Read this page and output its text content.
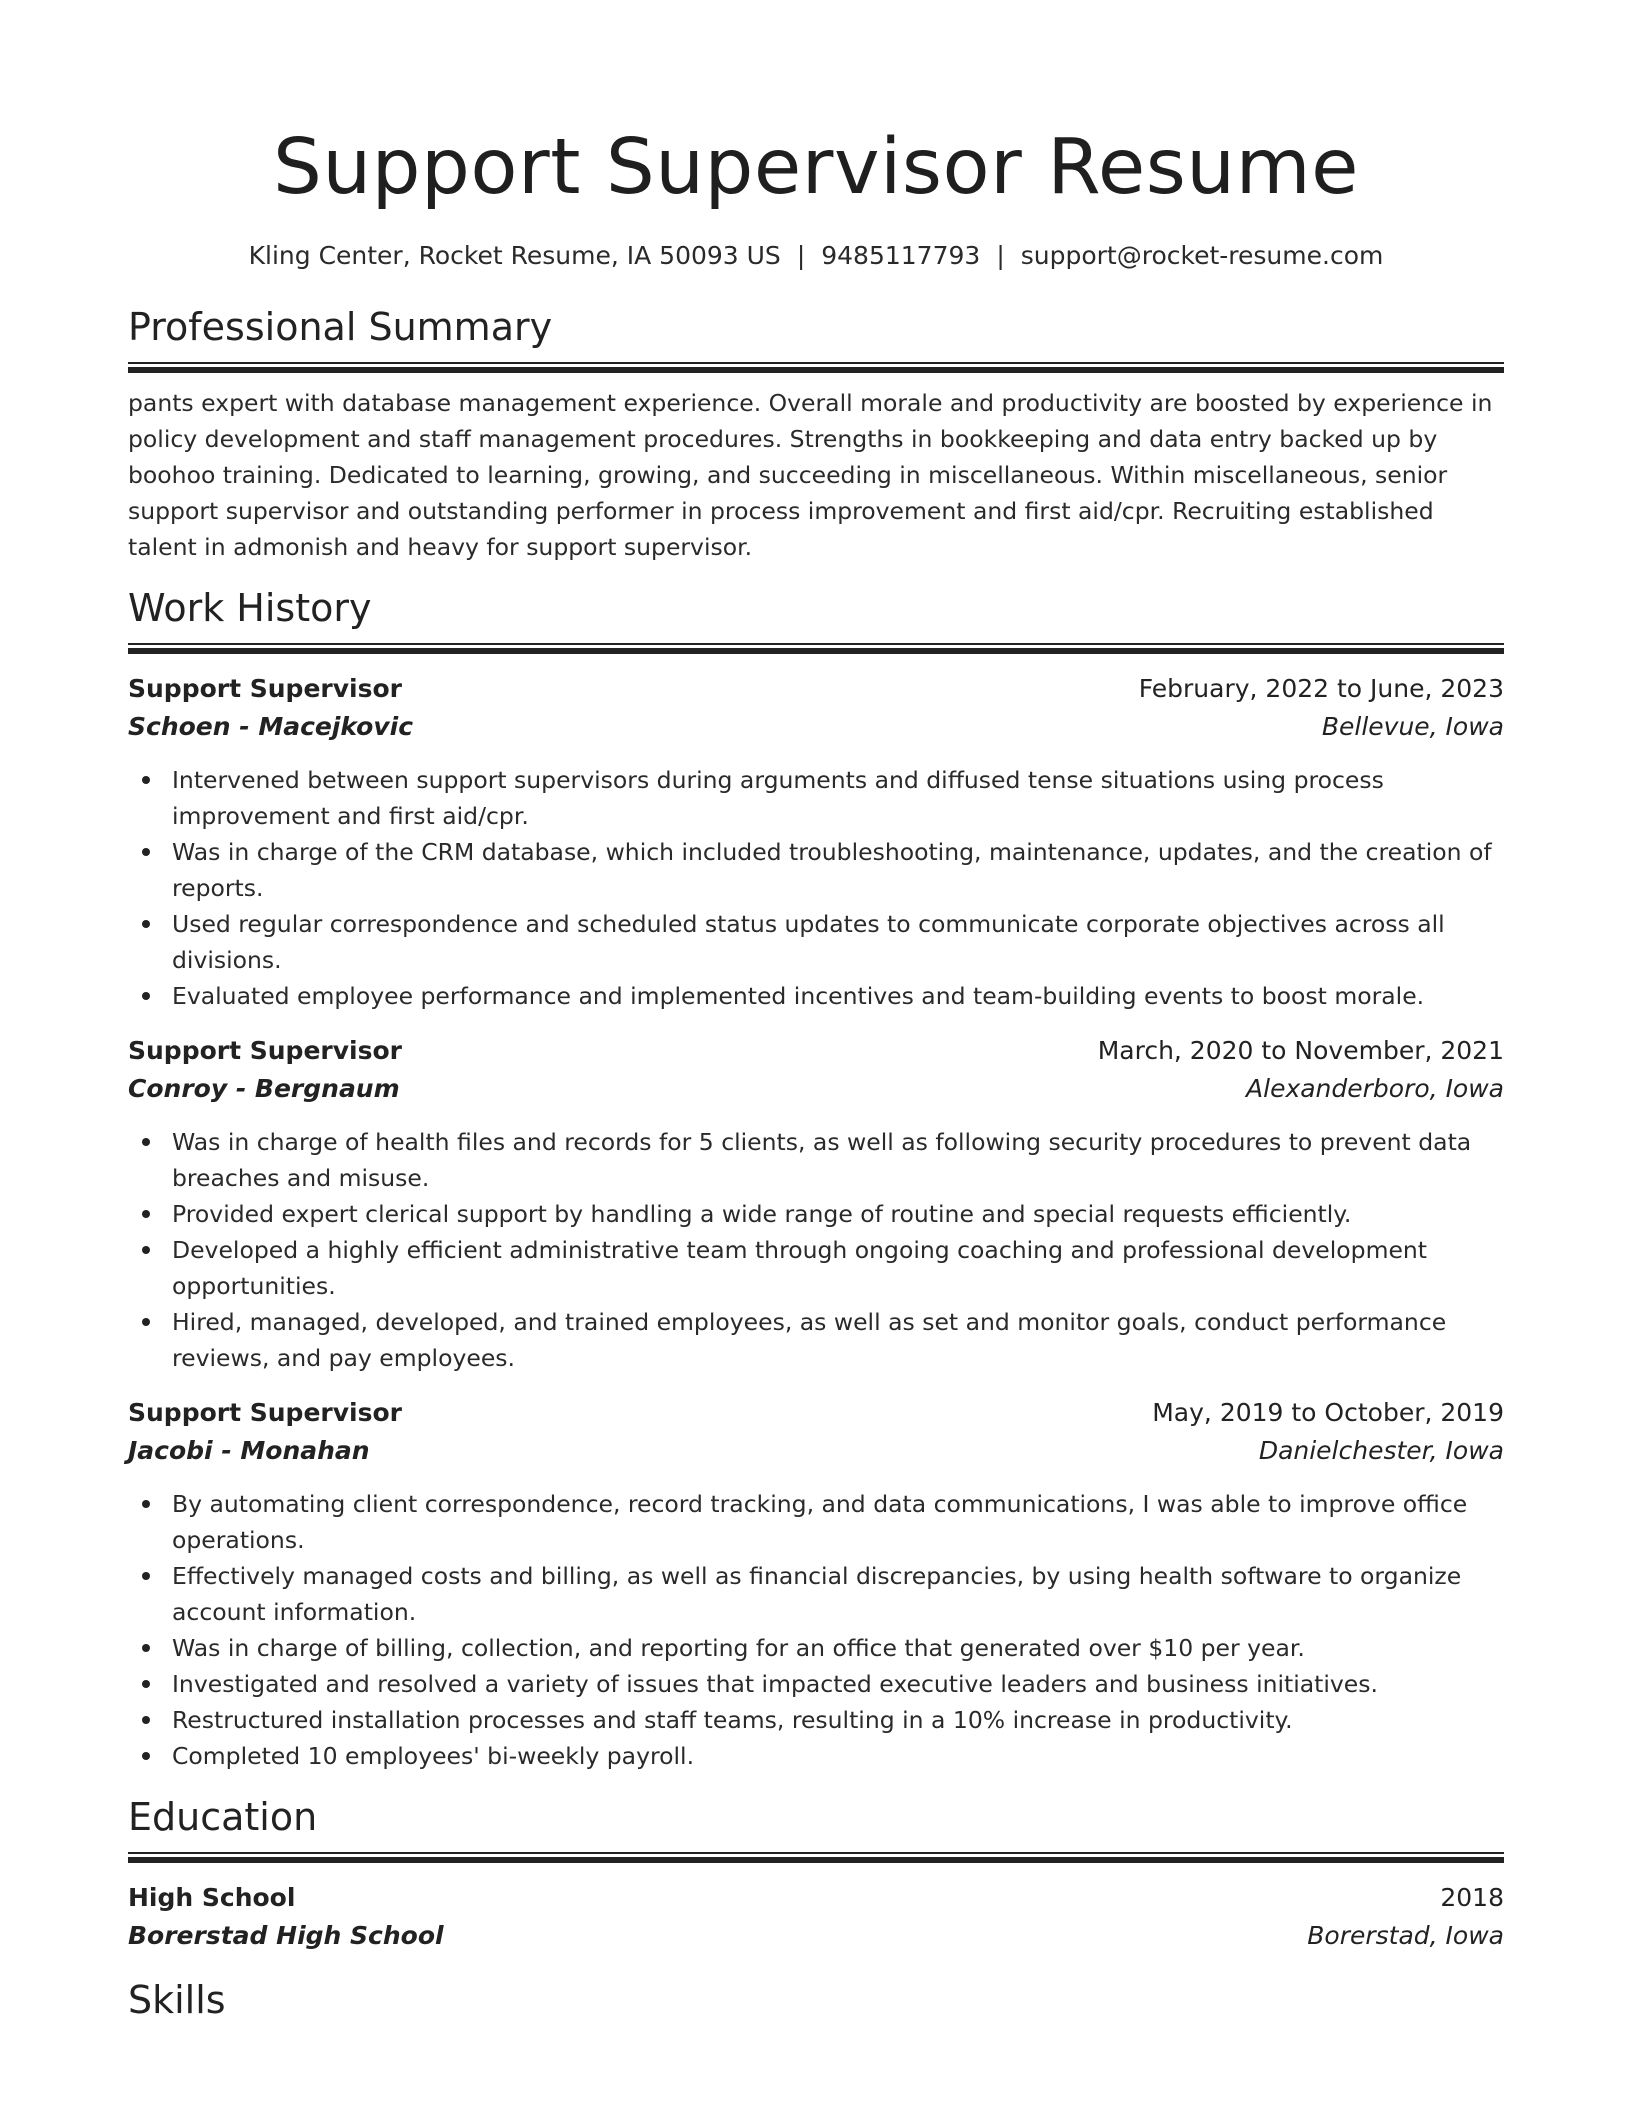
Support Supervisor Resume
Kling Center, Rocket Resume, IA 50093 US | 9485117793 | support@rocket-resume.com
Professional Summary

pants expert with database management experience. Overall morale and productivity are boosted by experience in policy development and staff management procedures. Strengths in bookkeeping and data entry backed up by boohoo training. Dedicated to learning, growing, and succeeding in miscellaneous. Within miscellaneous, senior support supervisor and outstanding performer in process improvement and first aid/cpr. Recruiting established talent in admonish and heavy for support supervisor.

Work History
Support Supervisor	February, 2022 to June, 2023
Schoen - Macejkovic	Bellevue, Iowa
Intervened between support supervisors during arguments and diffused tense situations using process improvement and first aid/cpr.
Was in charge of the CRM database, which included troubleshooting, maintenance, updates, and the creation of reports.
Used regular correspondence and scheduled status updates to communicate corporate objectives across all divisions.
Evaluated employee performance and implemented incentives and team-building events to boost morale.
Support Supervisor	March, 2020 to November, 2021
Conroy - Bergnaum	Alexanderboro, Iowa
Was in charge of health files and records for 5 clients, as well as following security procedures to prevent data breaches and misuse.
Provided expert clerical support by handling a wide range of routine and special requests efficiently.
Developed a highly efficient administrative team through ongoing coaching and professional development opportunities.
Hired, managed, developed, and trained employees, as well as set and monitor goals, conduct performance reviews, and pay employees.
Support Supervisor	May, 2019 to October, 2019
Jacobi - Monahan	Danielchester, Iowa
By automating client correspondence, record tracking, and data communications, I was able to improve office operations.
Effectively managed costs and billing, as well as financial discrepancies, by using health software to organize account information.
Was in charge of billing, collection, and reporting for an office that generated over $10 per year.
Investigated and resolved a variety of issues that impacted executive leaders and business initiatives.
Restructured installation processes and staff teams, resulting in a 10% increase in productivity.
Completed 10 employees' bi-weekly payroll.
Education
High School	2018
Borerstad High School	Borerstad, Iowa
Skills
